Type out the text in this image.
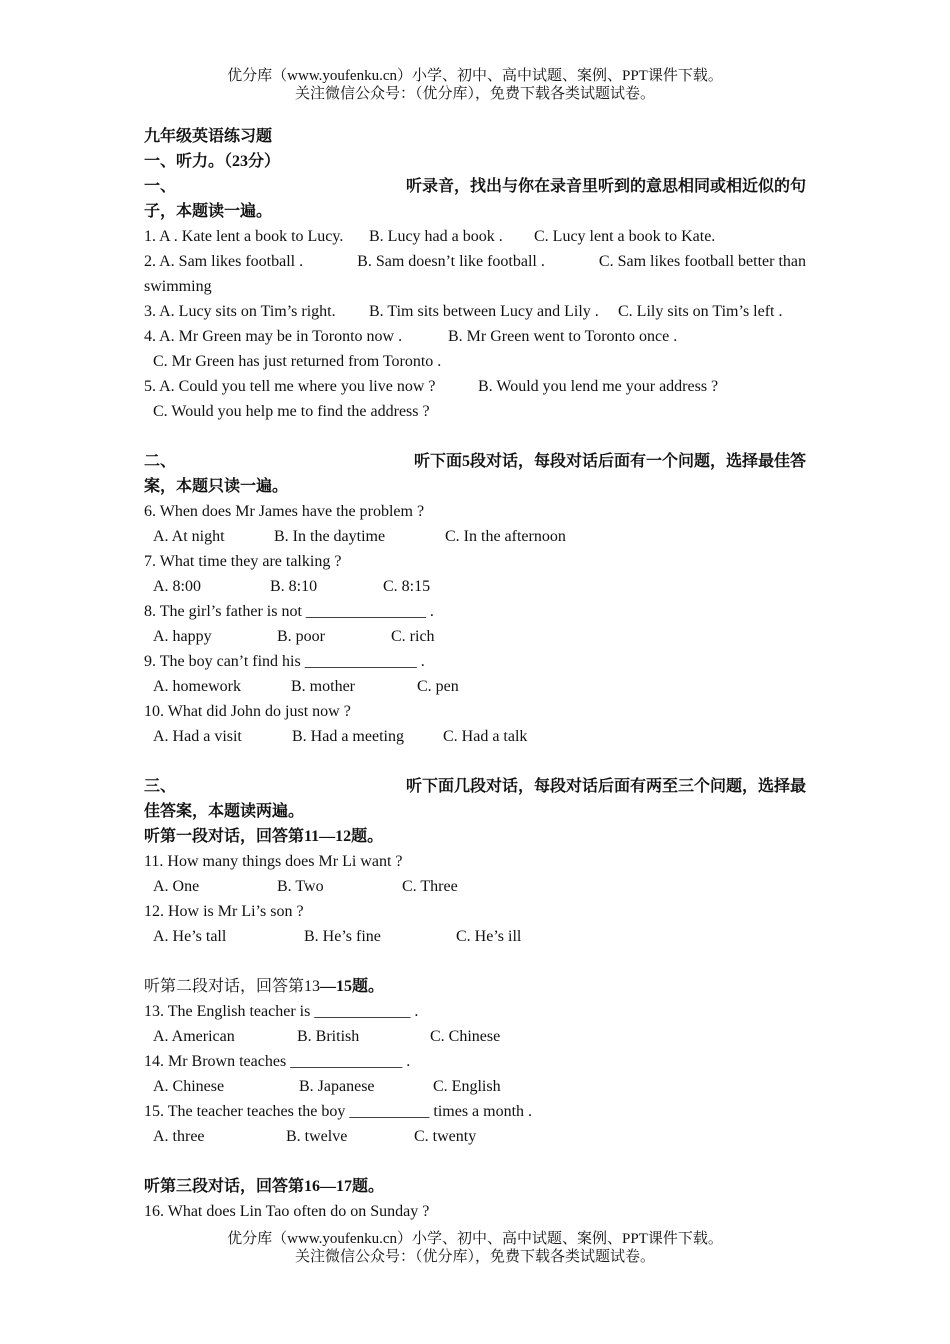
优分库（www.youfenku.cn）小学、初中、高中试题、案例、PPT课件下载。
关注微信公众号：（优分库），免费下载各类试题试卷。
九年级英语练习题
一、听力。（23分）
一、	听录音，找出与你在录音里听到的意思相同或相近似的句
子，本题读一遍。
1. A . Kate lent a book to Lucy. B. Lucy had a book . C. Lucy lent a book to Kate.
2. A. Sam likes football .	B. Sam doesn’t like football .	C. Sam likes football better than
swimming
3. A. Lucy sits on Tim’s right. B. Tim sits between Lucy and Lily . C. Lily sits on Tim’s left .
4. A. Mr Green may be in Toronto now .	B. Mr Green went to Toronto once .
C. Mr Green has just returned from Toronto .
5. A. Could you tell me where you live now ?	B. Would you lend me your address ?
C. Would you help me to find the address ?
二、	听下面5段对话，每段对话后面有一个问题，选择最佳答
案，本题只读一遍。
6. When does Mr James have the problem ?
A. At night	B. In the daytime	C. In the afternoon
7. What time they are talking ?
A. 8:00	B. 8:10	C. 8:15
8. The girl’s father is not _______________ .
A. happy	B. poor	C. rich
9. The boy can’t find his ______________ .
A. homework	B. mother	C. pen
10. What did John do just now ?
A. Had a visit	B. Had a meeting C. Had a talk
三、	听下面几段对话，每段对话后面有两至三个问题，选择最
佳答案，本题读两遍。
听第一段对话，回答第11—12题。
11. How many things does Mr Li want ?
A. One	B. Two	C. Three
12. How is Mr Li’s son ?
A. He’s tall	B. He’s fine	C. He’s ill
听第二段对话，回答第13—15题。
13. The English teacher is ____________ .
A. American	B. British	C. Chinese
14. Mr Brown teaches ______________ .
A. Chinese	B. Japanese	C. English
15. The teacher teaches the boy __________ times a month .
A. three	B. twelve	C. twenty
听第三段对话，回答第16—17题。
16. What does Lin Tao often do on Sunday ?
优分库（www.youfenku.cn）小学、初中、高中试题、案例、PPT课件下载。
关注微信公众号：（优分库），免费下载各类试题试卷。
